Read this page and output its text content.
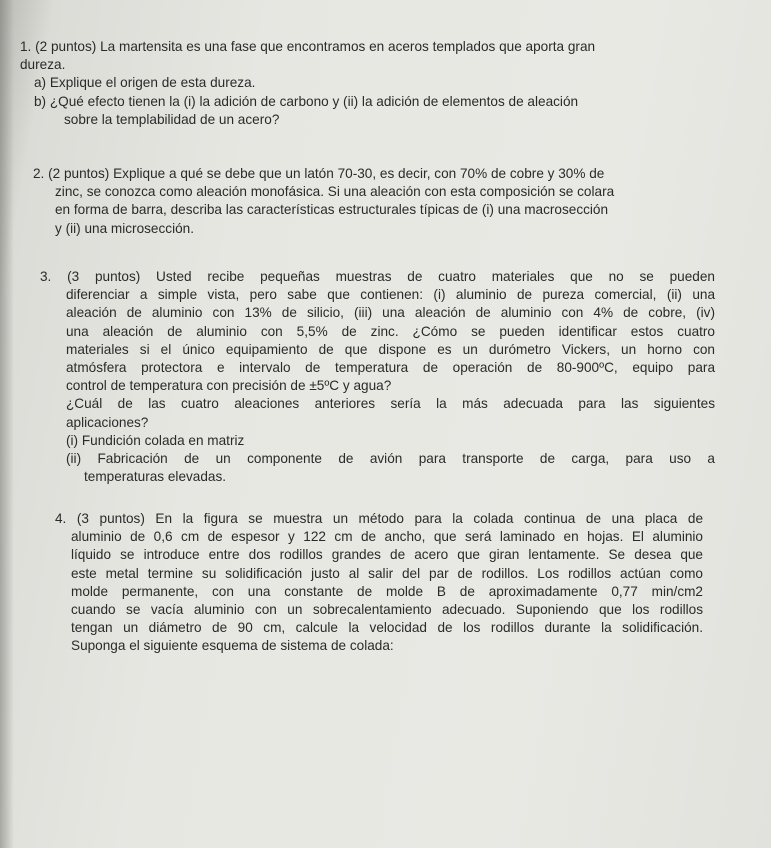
1. (2 puntos) La martensita es una fase que encontramos en aceros templados que aporta gran
dureza.
a) Explique el origen de esta dureza.
b) ¿Qué efecto tienen la (i) la adición de carbono y (ii) la adición de elementos de aleación
sobre la templabilidad de un acero?
2. (2 puntos) Explique a qué se debe que un latón 70-30, es decir, con 70% de cobre y 30% de
zinc, se conozca como aleación monofásica. Si una aleación con esta composición se colara
en forma de barra, describa las características estructurales típicas de (i) una macrosección
y (ii) una microsección.
3. (3 puntos) Usted recibe pequeñas muestras de cuatro materiales que no se pueden
diferenciar a simple vista, pero sabe que contienen: (i) aluminio de pureza comercial, (ii) una
aleación de aluminio con 13% de silicio, (iii) una aleación de aluminio con 4% de cobre, (iv)
una aleación de aluminio con 5,5% de zinc. ¿Cómo se pueden identificar estos cuatro
materiales si el único equipamiento de que dispone es un durómetro Vickers, un horno con
atmósfera protectora e intervalo de temperatura de operación de 80-900ºC, equipo para
control de temperatura con precisión de ±5ºC y agua?
¿Cuál de las cuatro aleaciones anteriores sería la más adecuada para las siguientes
aplicaciones?
(i) Fundición colada en matriz
(ii) Fabricación de un componente de avión para transporte de carga, para uso a
temperaturas elevadas.
4. (3 puntos) En la figura se muestra un método para la colada continua de una placa de
aluminio de 0,6 cm de espesor y 122 cm de ancho, que será laminado en hojas. El aluminio
líquido se introduce entre dos rodillos grandes de acero que giran lentamente. Se desea que
este metal termine su solidificación justo al salir del par de rodillos. Los rodillos actúan como
molde permanente, con una constante de molde B de aproximadamente 0,77 min/cm2
cuando se vacía aluminio con un sobrecalentamiento adecuado. Suponiendo que los rodillos
tengan un diámetro de 90 cm, calcule la velocidad de los rodillos durante la solidificación.
Suponga el siguiente esquema de sistema de colada:
